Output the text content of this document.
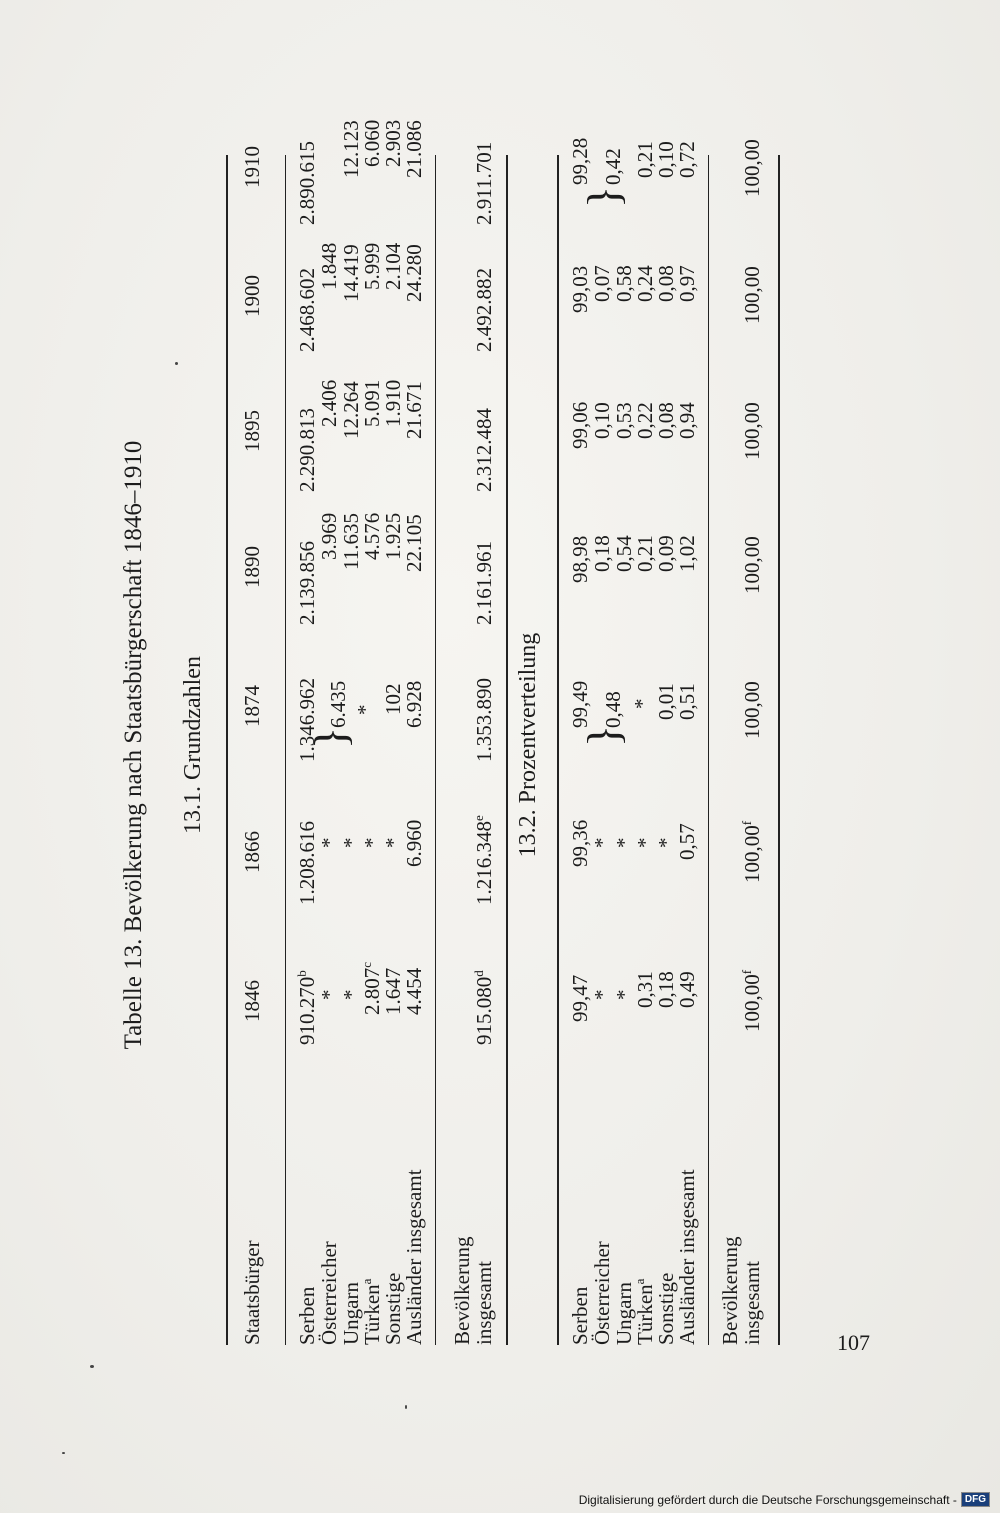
Tabelle 13. Bevölkerung nach Staatsbürgerschaft 1846–1910 13.1. Grundzahlen
Staatsbürger
1846
1866
1874
1890
1895
1900
1910
Serben
Österreicher
Ungarn
Türken$^a$ Sonstige
Ausländer insgesamt
910.270$^b$
1.208.616
1.346.962
2.139.856
2.290.813
2.468.602
2.890.615
*
*
3.969
2.406
1.848
*
*
11.635
12.264
14.419
12.123
}
6.435
2.807$^c$
*
*
4.576
5.091
5.999
6.060
1.647
*
102
1.925
1.910
2.104
2.903
4.454
6.960
6.928
22.105
21.671
24.280
21.086
Bevölkerung
insgesamt
915.080$^d$
1.216.348e
1.353.890
2.161.961
2.312.484
2.492.882
2.911.701
13.2. Prozentverteilung
Serben
Österreicher
Ungarn
Türken$^a$ Sonstige
Ausländer insgesamt
99,47
99,36
99,49
98,98
99,06
99,03
99,28
*
*
0,18
0,10
0,07
*
*
0,54
0,53
0,58
}
0,48
}
0,42
0,31
*
*
0,21
0,22
0,24
0,21
0,18
*
0,01
0,09
0,08
0,08
0,10
0,49
0,57
0,51
1,02
0,94
0,97
0,72
Bevölkerung
insgesamt
100,00$^f$
100,00$^f$
100,00
100,00
100,00
100,00
100,00
107
Digitalisierung gefördert durch die Deutsche Forschungsgemeinschaft - DFG
